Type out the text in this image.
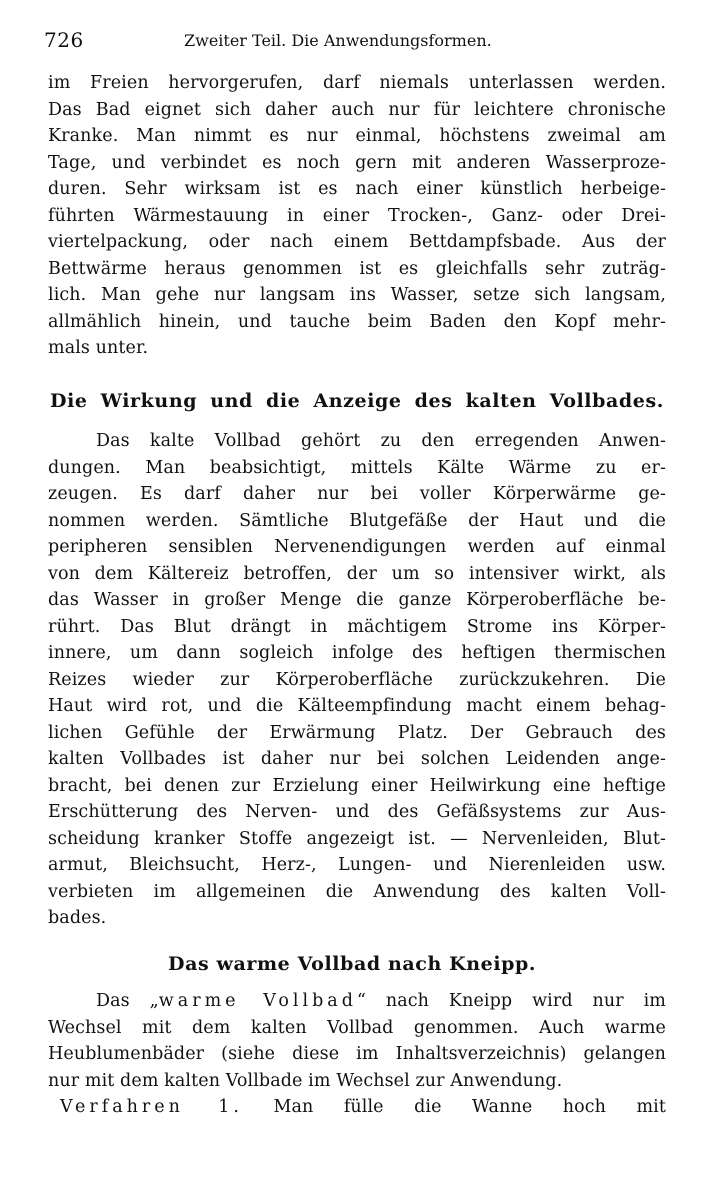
726	Zweiter Teil. Die Anwendungsformen.
im Freien hervorgerufen, darf niemals unterlassen werden.
Das Bad eignet sich daher auch nur für leichtere chronische
Kranke. Man nimmt es nur einmal, höchstens zweimal am
Tage, und verbindet es noch gern mit anderen Wasserproze-
duren. Sehr wirksam ist es nach einer künstlich herbeige-
führten Wärmestauung in einer Trocken-, Ganz- oder Drei-
viertelpackung, oder nach einem Bettdampfsbade. Aus der
Bettwärme heraus genommen ist es gleichfalls sehr zuträg-
lich. Man gehe nur langsam ins Wasser, setze sich langsam,
allmählich hinein, und tauche beim Baden den Kopf mehr-
mals unter.
Die Wirkung und die Anzeige des kalten Vollbades.
Das kalte Vollbad gehört zu den erregenden Anwen-
dungen. Man beabsichtigt, mittels Kälte Wärme zu er-
zeugen. Es darf daher nur bei voller Körperwärme ge-
nommen werden. Sämtliche Blutgefäße der Haut und die
peripheren sensiblen Nervenendigungen werden auf einmal
von dem Kältereiz betroffen, der um so intensiver wirkt, als
das Wasser in großer Menge die ganze Körperoberfläche be-
rührt. Das Blut drängt in mächtigem Strome ins Körper-
innere, um dann sogleich infolge des heftigen thermischen
Reizes wieder zur Körperoberfläche zurückzukehren. Die
Haut wird rot, und die Kälteempfindung macht einem behag-
lichen Gefühle der Erwärmung Platz. Der Gebrauch des
kalten Vollbades ist daher nur bei solchen Leidenden ange-
bracht, bei denen zur Erzielung einer Heilwirkung eine heftige
Erschütterung des Nerven- und des Gefäßsystems zur Aus-
scheidung kranker Stoffe angezeigt ist. — Nervenleiden, Blut-
armut, Bleichsucht, Herz-, Lungen- und Nierenleiden usw.
verbieten im allgemeinen die Anwendung des kalten Voll-
bades.
Das warme Vollbad nach Kneipp.
Das „warme Vollbad“ nach Kneipp wird nur im
Wechsel mit dem kalten Vollbad genommen. Auch warme
Heublumenbäder (siehe diese im Inhaltsverzeichnis) gelangen
nur mit dem kalten Vollbade im Wechsel zur Anwendung.
Verfahren 1. Man fülle die Wanne hoch mit
